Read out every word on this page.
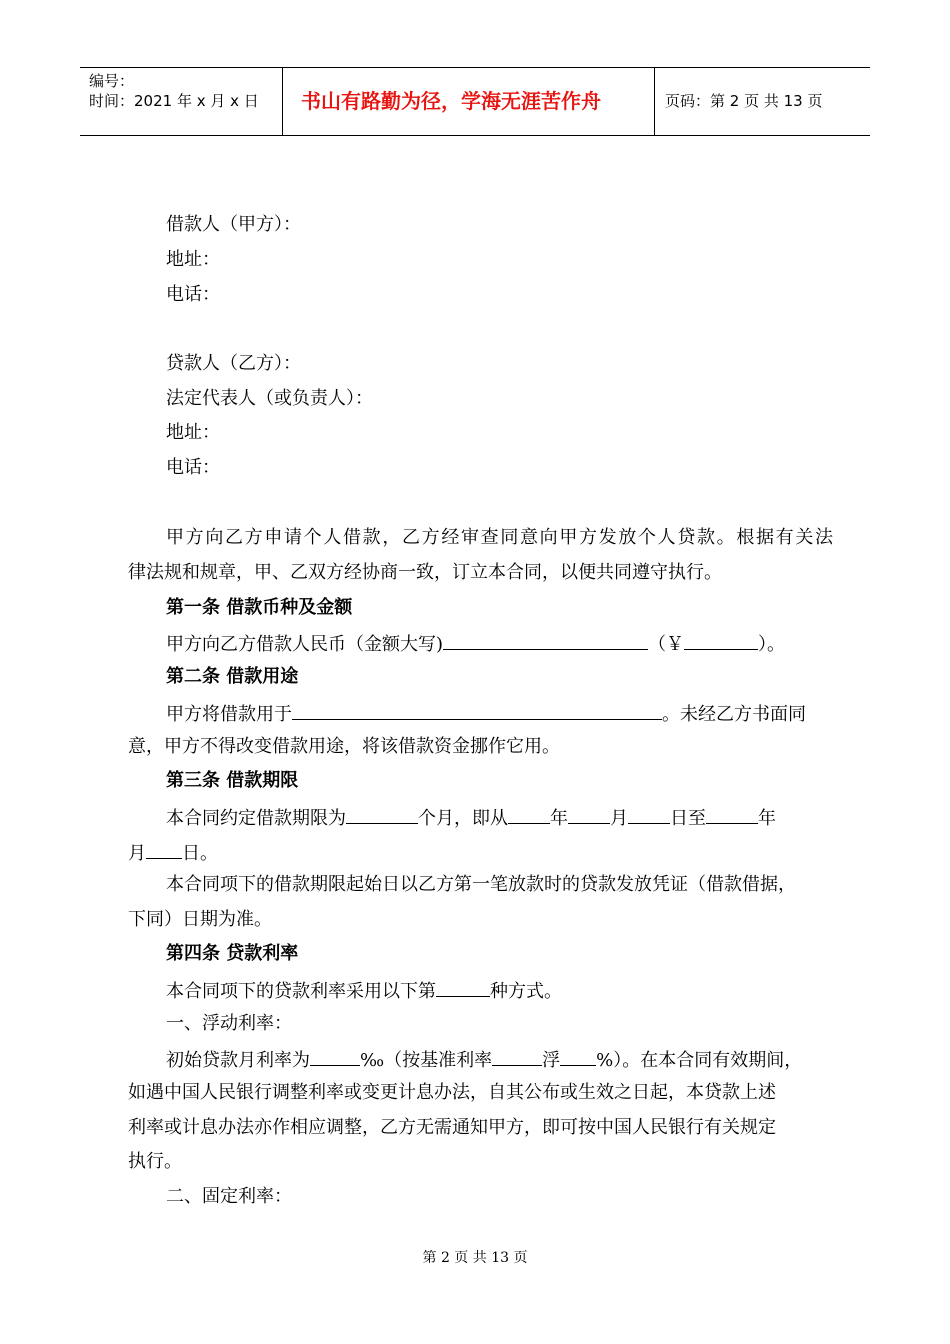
编号：
时间：2021 年 x 月 x 日	书山有路勤为径，学海无涯苦作舟	页码：第 2 页 共 13 页
借款人（甲方）：
地址：
电话：
贷款人（乙方）：
法定代表人（或负责人）：
地址：
电话：
甲方向乙方申请个人借款，乙方经审查同意向甲方发放个人贷款。根据有关法
律法规和规章，甲、乙双方经协商一致，订立本合同，以便共同遵守执行。
第一条 借款币种及金额
甲方向乙方借款人民币（金额大写)	（￥	）。
第二条 借款用途
甲方将借款用于	。未经乙方书面同
意，甲方不得改变借款用途，将该借款资金挪作它用。
第三条 借款期限
本合同约定借款期限为	个月，即从 年 月 日至	年
月 日。
本合同项下的借款期限起始日以乙方第一笔放款时的贷款发放凭证（借款借据，
下同）日期为准。
第四条 贷款利率
本合同项下的贷款利率采用以下第	种方式。
一、浮动利率：
初始贷款月利率为	‰（按基准利率	浮 %）。在本合同有效期间，
如遇中国人民银行调整利率或变更计息办法，自其公布或生效之日起，本贷款上述
利率或计息办法亦作相应调整，乙方无需通知甲方，即可按中国人民银行有关规定
执行。
二、固定利率：
第 2 页 共 13 页
